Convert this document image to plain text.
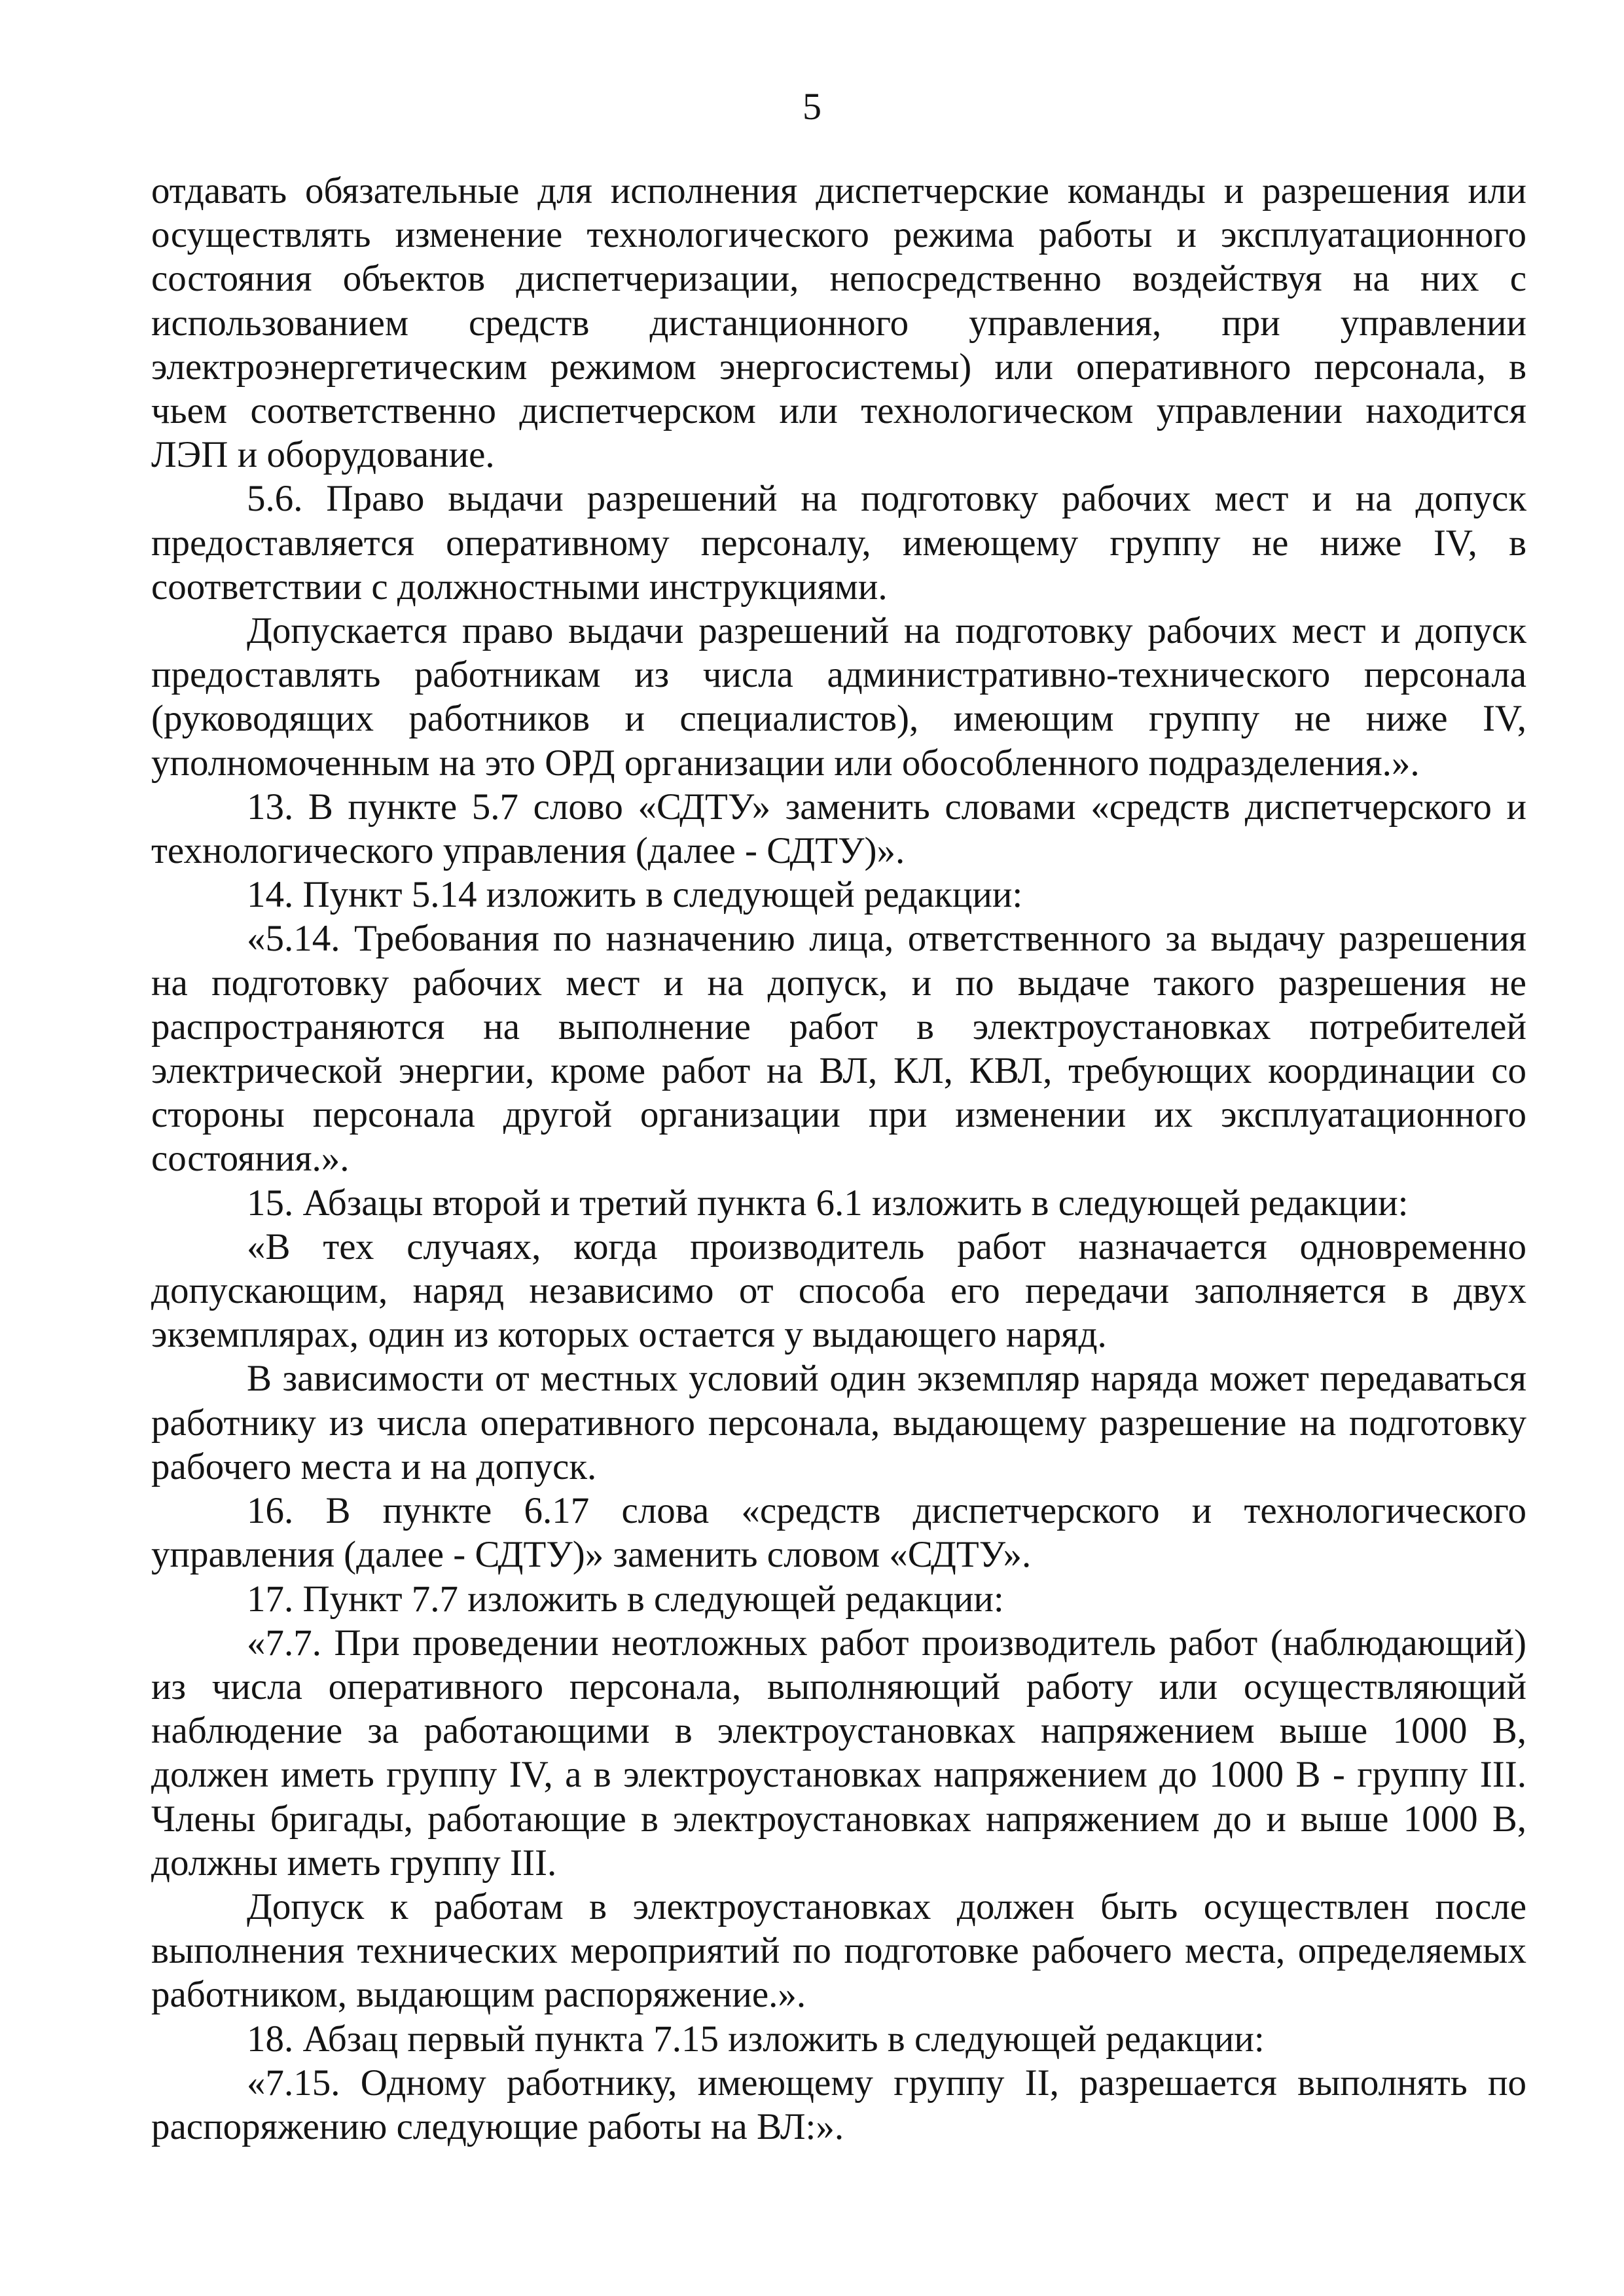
5

отдавать обязательные для исполнения диспетчерские команды и разрешения или осуществлять изменение технологического режима работы и эксплуатационного состояния объектов диспетчеризации, непосредственно воздействуя на них с использованием средств дистанционного управления, при управлении электроэнергетическим режимом энергосистемы) или оперативного персонала, в чьем соответственно диспетчерском или технологическом управлении находится ЛЭП и оборудование.

5.6. Право выдачи разрешений на подготовку рабочих мест и на допуск предоставляется оперативному персоналу, имеющему группу не ниже IV, в соответствии с должностными инструкциями.

Допускается право выдачи разрешений на подготовку рабочих мест и допуск предоставлять работникам из числа административно-технического персонала (руководящих работников и специалистов), имеющим группу не ниже IV, уполномоченным на это ОРД организации или обособленного подразделения.».

13. В пункте 5.7 слово «СДТУ» заменить словами «средств диспетчерского и технологического управления (далее - СДТУ)».

14. Пункт 5.14 изложить в следующей редакции:

«5.14. Требования по назначению лица, ответственного за выдачу разрешения на подготовку рабочих мест и на допуск, и по выдаче такого разрешения не распространяются на выполнение работ в электроустановках потребителей электрической энергии, кроме работ на ВЛ, КЛ, КВЛ, требующих координации со стороны персонала другой организации при изменении их эксплуатационного состояния.».

15. Абзацы второй и третий пункта 6.1 изложить в следующей редакции:

«В тех случаях, когда производитель работ назначается одновременно допускающим, наряд независимо от способа его передачи заполняется в двух экземплярах, один из которых остается у выдающего наряд.

В зависимости от местных условий один экземпляр наряда может передаваться работнику из числа оперативного персонала, выдающему разрешение на подготовку рабочего места и на допуск.

16. В пункте 6.17 слова «средств диспетчерского и технологического управления (далее - СДТУ)» заменить словом «СДТУ».

17. Пункт 7.7 изложить в следующей редакции:

«7.7. При проведении неотложных работ производитель работ (наблюдающий) из числа оперативного персонала, выполняющий работу или осуществляющий наблюдение за работающими в электроустановках напряжением выше 1000 В, должен иметь группу IV, а в электроустановках напряжением до 1000 В - группу III. Члены бригады, работающие в электроустановках напряжением до и выше 1000 В, должны иметь группу III.

Допуск к работам в электроустановках должен быть осуществлен после выполнения технических мероприятий по подготовке рабочего места, определяемых работником, выдающим распоряжение.».

18. Абзац первый пункта 7.15 изложить в следующей редакции:

«7.15. Одному работнику, имеющему группу II, разрешается выполнять по распоряжению следующие работы на ВЛ:».
